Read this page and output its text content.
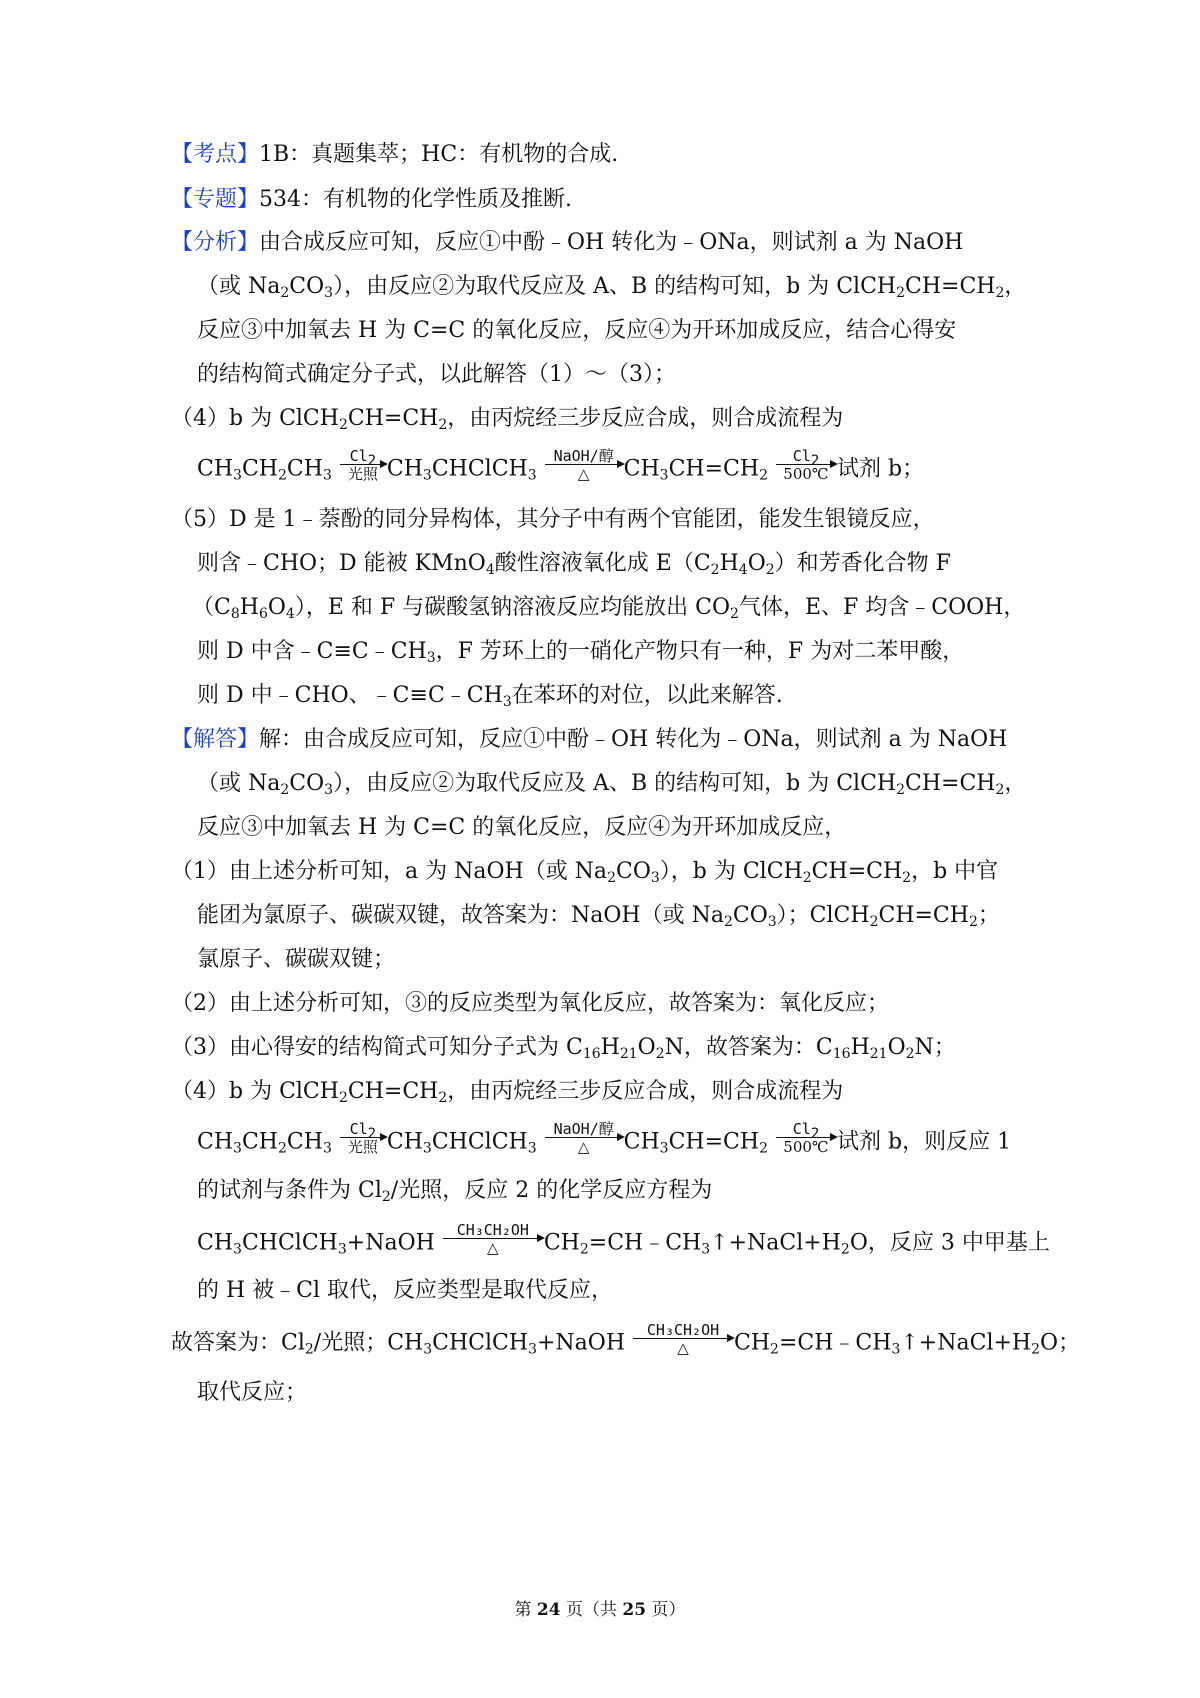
【考点】1B：真题集萃；HC：有机物的合成.
【专题】534：有机物的化学性质及推断.
【分析】由合成反应可知，反应①中酚﹣OH 转化为﹣ONa，则试剂 a 为 NaOH
（或 $Na_2CO_3$），由反应②为取代反应及 A、B 的结构可知，b 为 $ClCH_2CH=CH_2$，
反应③中加氧去 H 为 C=C 的氧化反应，反应④为开环加成反应，结合心得安
的结构简式确定分子式，以此解答（1）～（3）；
（4）b 为 $ClCH_2CH=CH_2$，由丙烷经三步反应合成，则合成流程为
$CH_3CH_2CH_3$
$Cl_2$
光照 $CH_3CHClCH_3$
NaOH/醇
△	$CH_3CH=CH_2 \frac{Cl_2}{500℃}$ 试剂 b；
（5）D 是 1﹣萘酚的同分异构体，其分子中有两个官能团，能发生银镜反应，
则含﹣CHO；D 能被 KMnO$_4$酸性溶液氧化成 $E(C_2H_4O_2)$和芳香化合物 F
$(C_8H_6O_4)$，E 和 F 与碳酸氢钠溶液反应均能放出 $CO_2$气体，E、F 均含﹣COOH，
则 D 中含$﹣C\equiv C﹣CH_3$，F 芳环上的一硝化产物只有一种，F 为对二苯甲酸，
则 D 中﹣CHO、$﹣C\equiv C﹣CH_3$在苯环的对位，以此来解答.
【解答】解：由合成反应可知，反应①中酚﹣OH 转化为﹣ONa，则试剂 a 为 NaOH
（或 $Na_2CO_3$），由反应②为取代反应及 A、B 的结构可知，b 为 $ClCH_2CH=CH_2$，
反应③中加氧去 H 为 C=C 的氧化反应，反应④为开环加成反应，
（1）由上述分析可知，a 为 NaOH（或 $Na_2CO_3$），b 为 $ClCH_2CH=CH_2$，b 中官
能团为氯原子、碳碳双键，故答案为：NaOH（或 $Na_2CO_3$）；$ClCH_2CH=CH_2$；
氯原子、碳碳双键；
（2）由上述分析可知，③的反应类型为氧化反应，故答案为：氧化反应；
（3）由心得安的结构简式可知分子式为 $C_{16}H_{21}O_2N$，故答案为：$C_{16}H_{21}O_2N$；
（4）b 为 $ClCH_2CH=CH_2$，由丙烷经三步反应合成，则合成流程为
$CH_3CH_2CH_3$
$Cl_2$
光照 $CH_3CHClCH_3$
NaOH/醇
△	$CH_3CH=CH_2 \frac{Cl_2}{500℃}$ 试剂 b，则反应 1
的试剂与条件为 $Cl_2/$光照，反应 2 的化学反应方程为
$CH_3CHClCH_3+NaOH$
CH₃CH₂OH
△	$CH_2=CH﹣CH_3↑+NaCl+H_2O$，反应 3 中甲基上
的 H 被﹣Cl 取代，反应类型是取代反应，
故答案为：$Cl_2/$光照；$CH_3CHClCH_3+NaOH$
CH₃CH₂OH
△	$CH_2=CH﹣CH_3↑+NaCl+H_2O$；
取代反应；
第 24 页（共 25 页）
